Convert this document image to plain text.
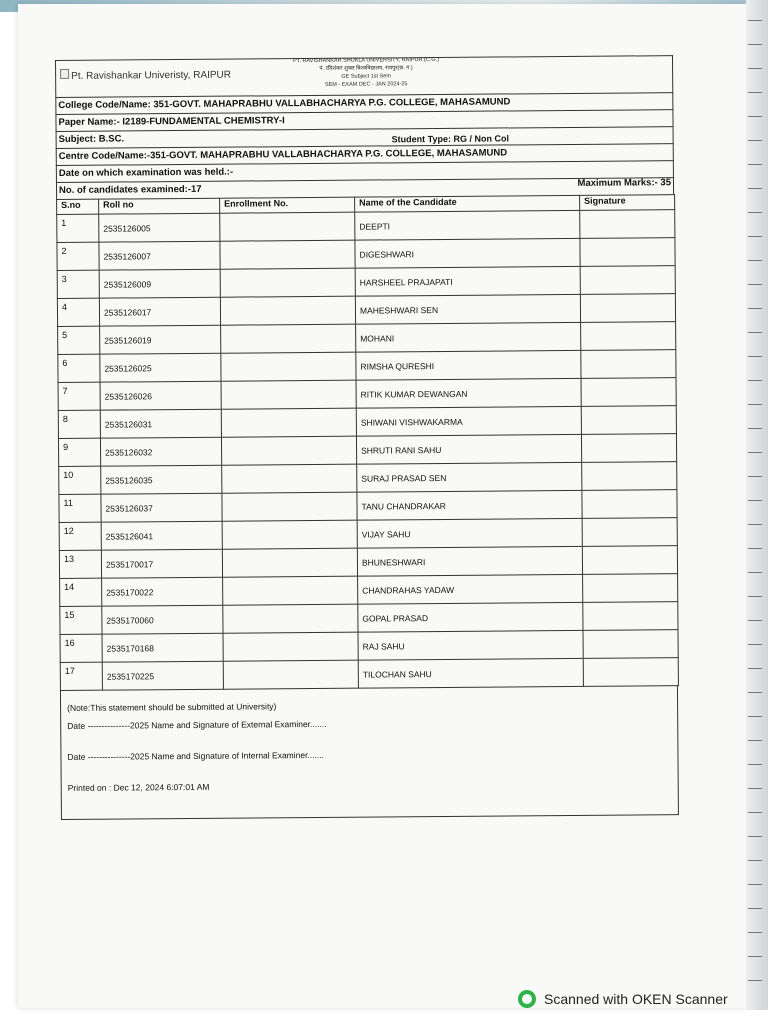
Pt. Ravishankar Univeristy, RAIPUR
PT. RAVISHANKAR SHUKLA UNIVERSITY, RAIPUR (C.G.)
पं. रविशंकर शुक्ल विश्वविद्यालय, रायपुर(छ. ग.)
GE Subject 1st Sem
SEM - EXAM DEC - JAN 2024-25
College Code/Name: 351-GOVT. MAHAPRABHU VALLABHACHARYA P.G. COLLEGE, MAHASAMUND
Paper Name:- I2189-FUNDAMENTAL CHEMISTRY-I
Subject: B.SC.	Student Type: RG / Non Col
Centre Code/Name:-351-GOVT. MAHAPRABHU VALLABHACHARYA P.G. COLLEGE, MAHASAMUND
Date on which examination was held.:-
No. of candidates examined:-17
Maximum Marks:- 35
S.no	Roll no	Enrollment No.	Name of the Candidate	Signature
1	2535126005		DEEPTI	
2	2535126007		DIGESHWARI	
3	2535126009		HARSHEEL PRAJAPATI	
4	2535126017		MAHESHWARI SEN	
5	2535126019		MOHANI	
6	2535126025		RIMSHA QURESHI	
7	2535126026		RITIK KUMAR DEWANGAN	
8	2535126031		SHIWANI VISHWAKARMA	
9	2535126032		SHRUTI RANI SAHU	
10	2535126035		SURAJ PRASAD SEN	
11	2535126037		TANU CHANDRAKAR	
12	2535126041		VIJAY SAHU	
13	2535170017		BHUNESHWARI	
14	2535170022		CHANDRAHAS YADAW	
15	2535170060		GOPAL PRASAD	
16	2535170168		RAJ SAHU	
17	2535170225		TILOCHAN SAHU	
(Note:This statement should be submitted at University)
Date ---------------2025 Name and Signature of External Examiner.......
Date ---------------2025 Name and Signature of Internal Examiner.......
Printed on : Dec 12, 2024 6:07:01 AM
Scanned with OKEN Scanner
